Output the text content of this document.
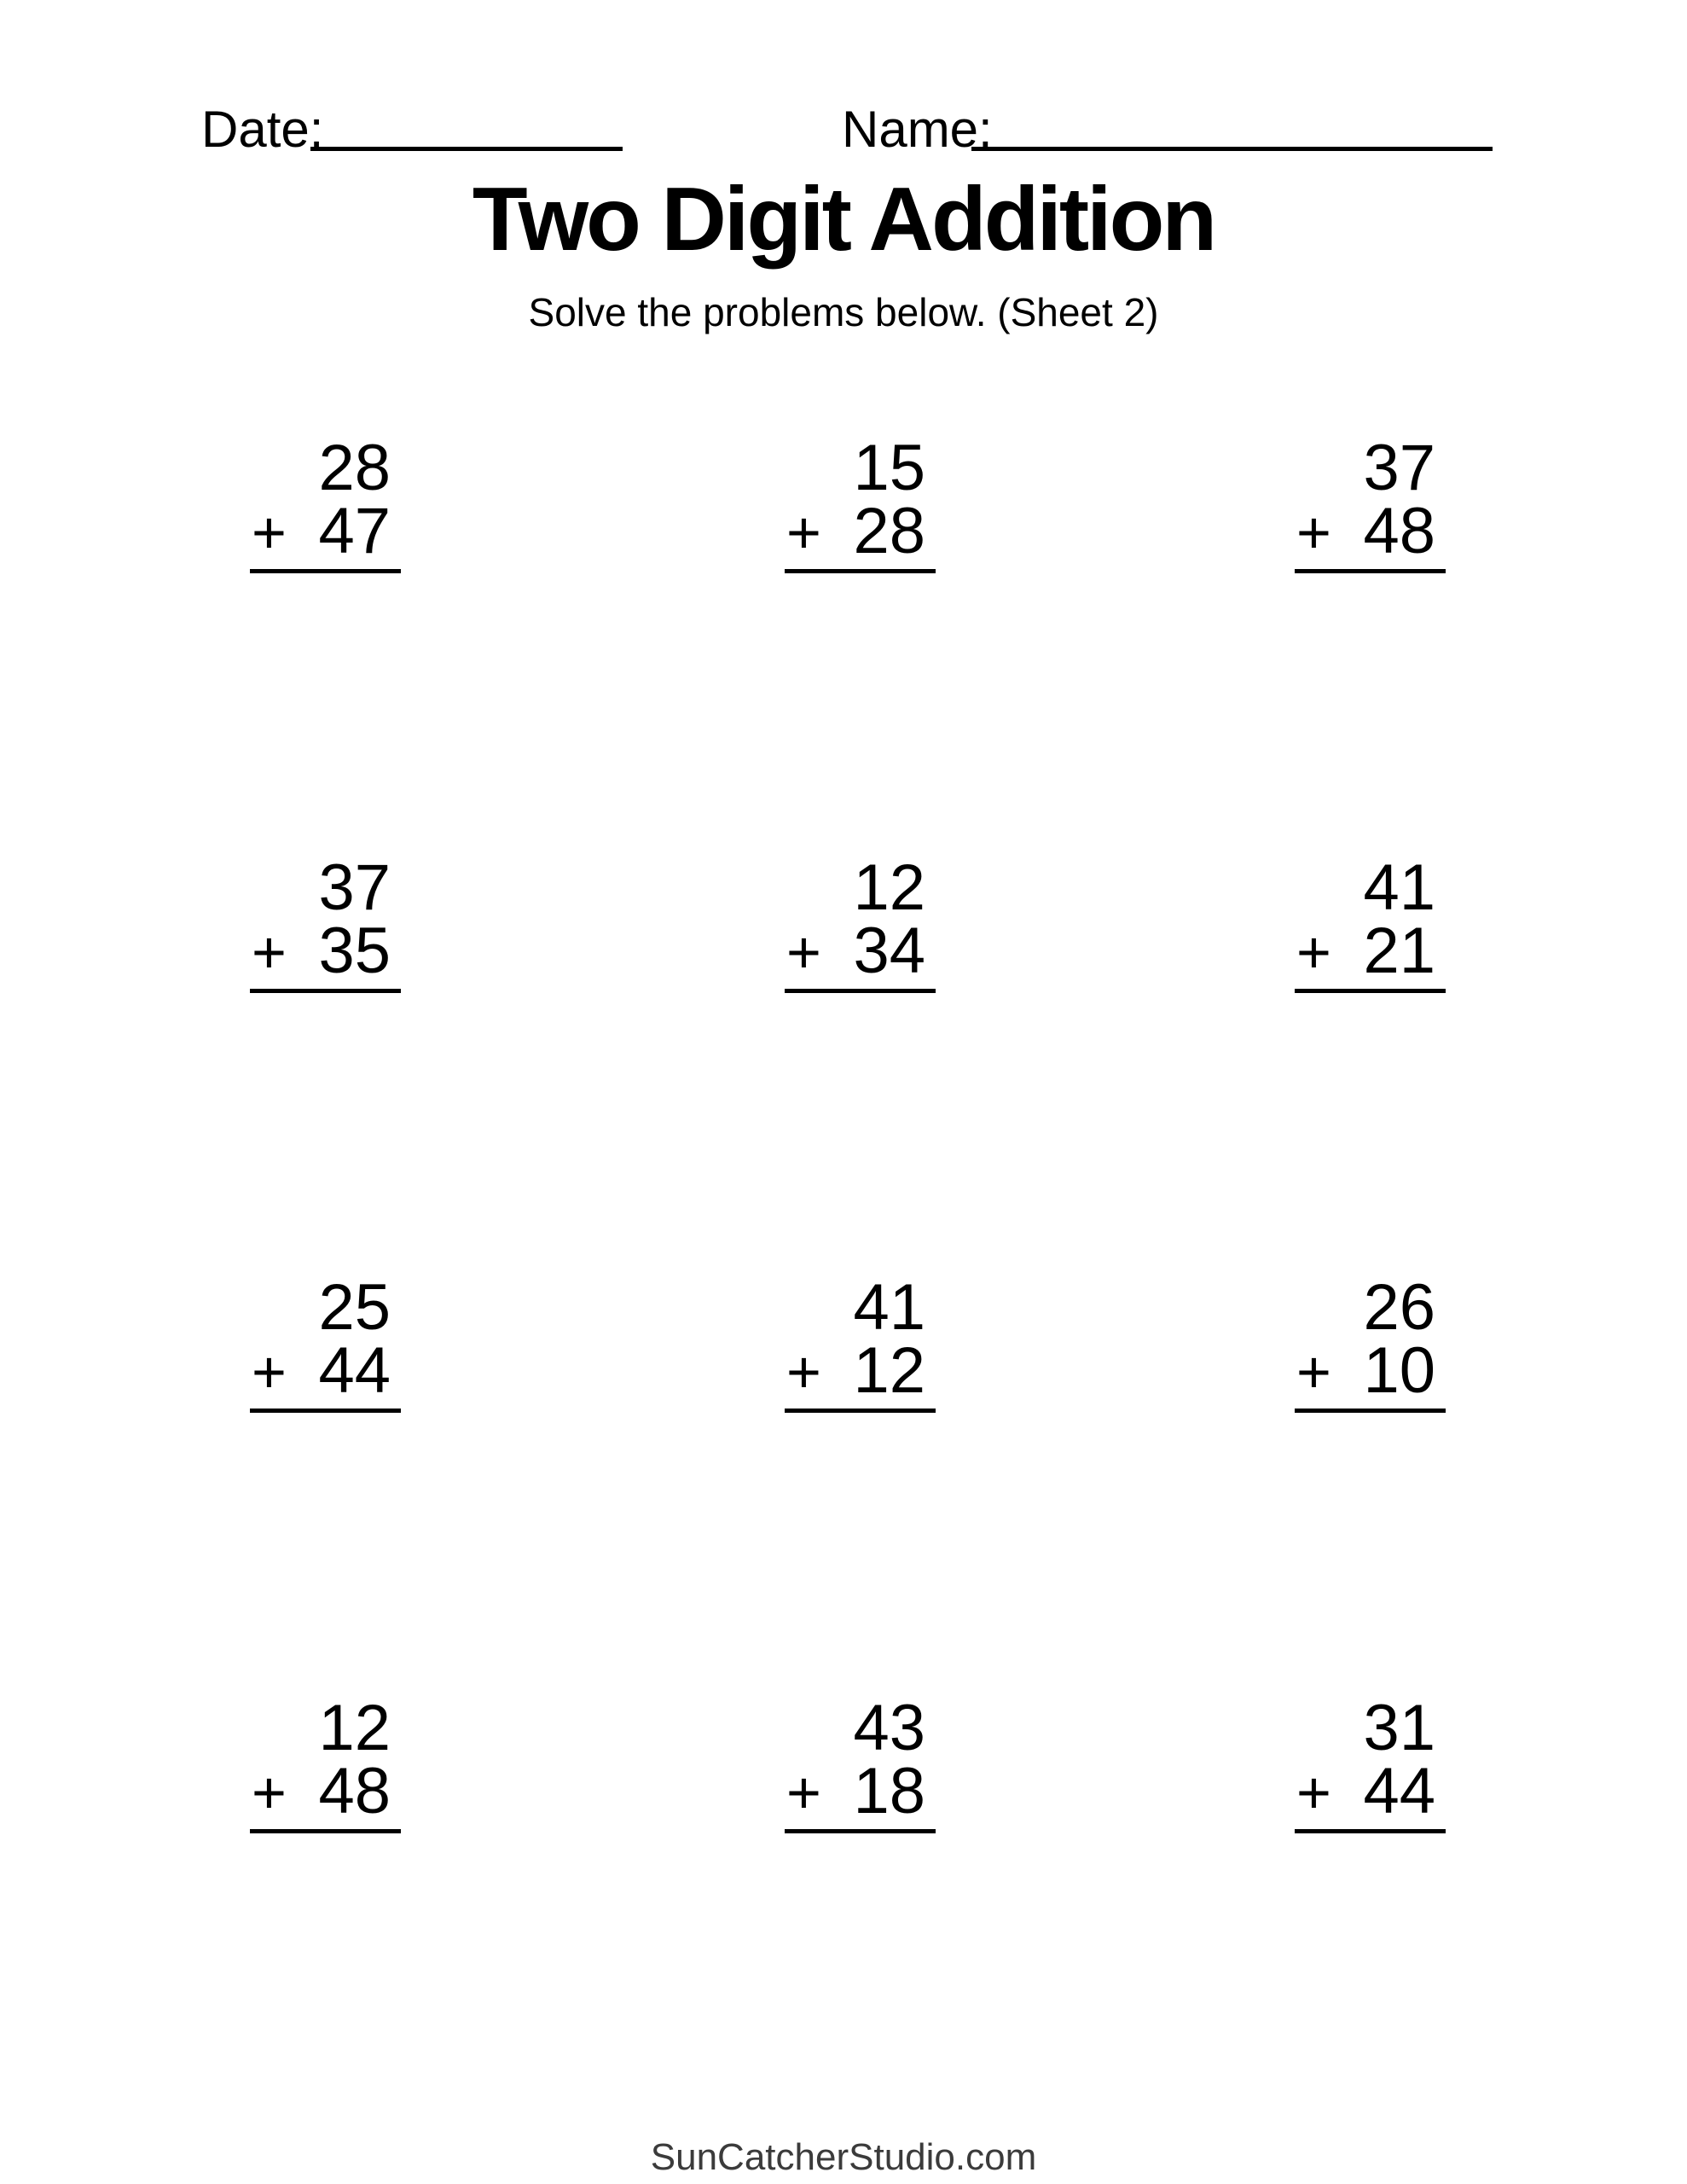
Date:	Name:
Two Digit Addition
Solve the problems below. (Sheet 2)
28
+ 47
15
+ 28
37
+ 48
37
+ 35
12
+ 34
41
+ 21
25
+ 44
41
+ 12
26
+ 10
12
+ 48
43
+ 18
31
+ 44
SunCatcherStudio.com
